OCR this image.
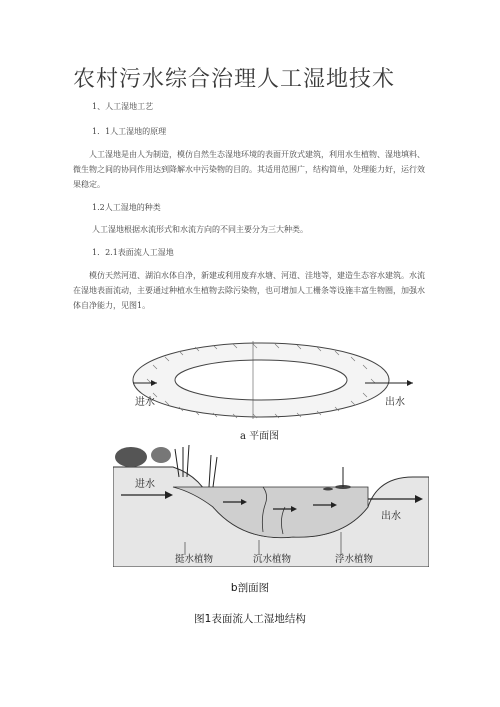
农村污水综合治理人工湿地技术
1、人工湿地工艺
1．1人工湿地的原理
人工湿地是由人为制造，模仿自然生态湿地环境的表面开放式建筑，利用水生植物、湿地填料、微生物之间的协同作用达到降解水中污染物的目的。其适用范围广，结构简单，处理能力好，运行效果稳定。
1.2人工湿地的种类
人工湿地根据水流形式和水流方向的不同主要分为三大种类。
1．2.1表面流人工湿地
模仿天然河道、湖泊水体自净，新建或利用废弃水塘、河道、洼地等，建造生态容水建筑。水流在湿地表面流动，主要通过种植水生植物去除污染物，也可增加人工栅条等设施丰富生物圈，加强水体自净能力，见图1。
进水	出水
a 平面图
进水
出水
挺水植物	沉水植物	浮水植物
b剖面图
图1表面流人工湿地结构
